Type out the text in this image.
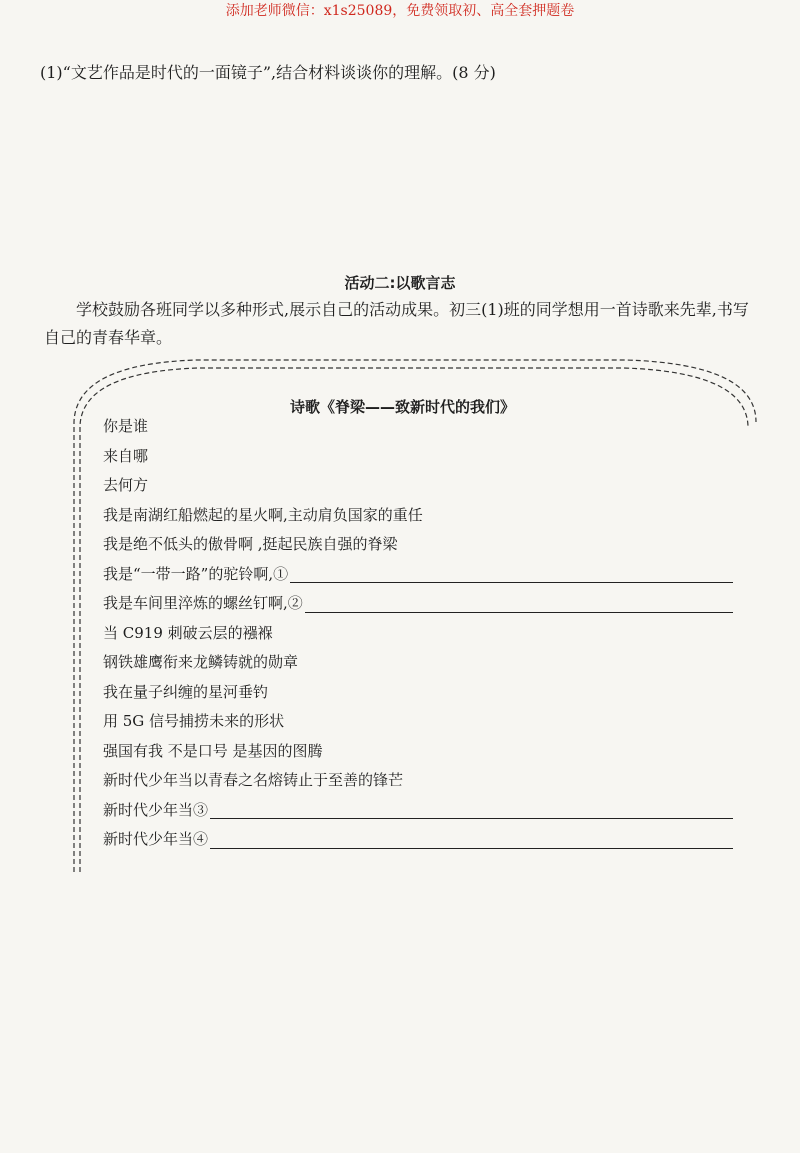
添加老师微信：x1s25089，免费领取初、高全套押题卷
(1)“文艺作品是时代的一面镜子”,结合材料谈谈你的理解。(8 分)
活动二:以歌言志
学校鼓励各班同学以多种形式,展示自己的活动成果。初三(1)班的同学想用一首诗歌来先辈,书写自己的青春华章。
诗歌《脊梁——致新时代的我们》
你是谁
来自哪
去何方
我是南湖红船燃起的星火啊,主动肩负国家的重任
我是绝不低头的傲骨啊 ,挺起民族自强的脊梁
我是“一带一路”的驼铃啊,①
我是车间里淬炼的螺丝钉啊,②
当 C919 刺破云层的襁褓
钢铁雄鹰衔来龙鳞铸就的勋章
我在量子纠缠的星河垂钓
用 5G 信号捕捞未来的形状
强国有我 不是口号 是基因的图腾
新时代少年当以青春之名熔铸止于至善的锋芒
新时代少年当③
新时代少年当④
